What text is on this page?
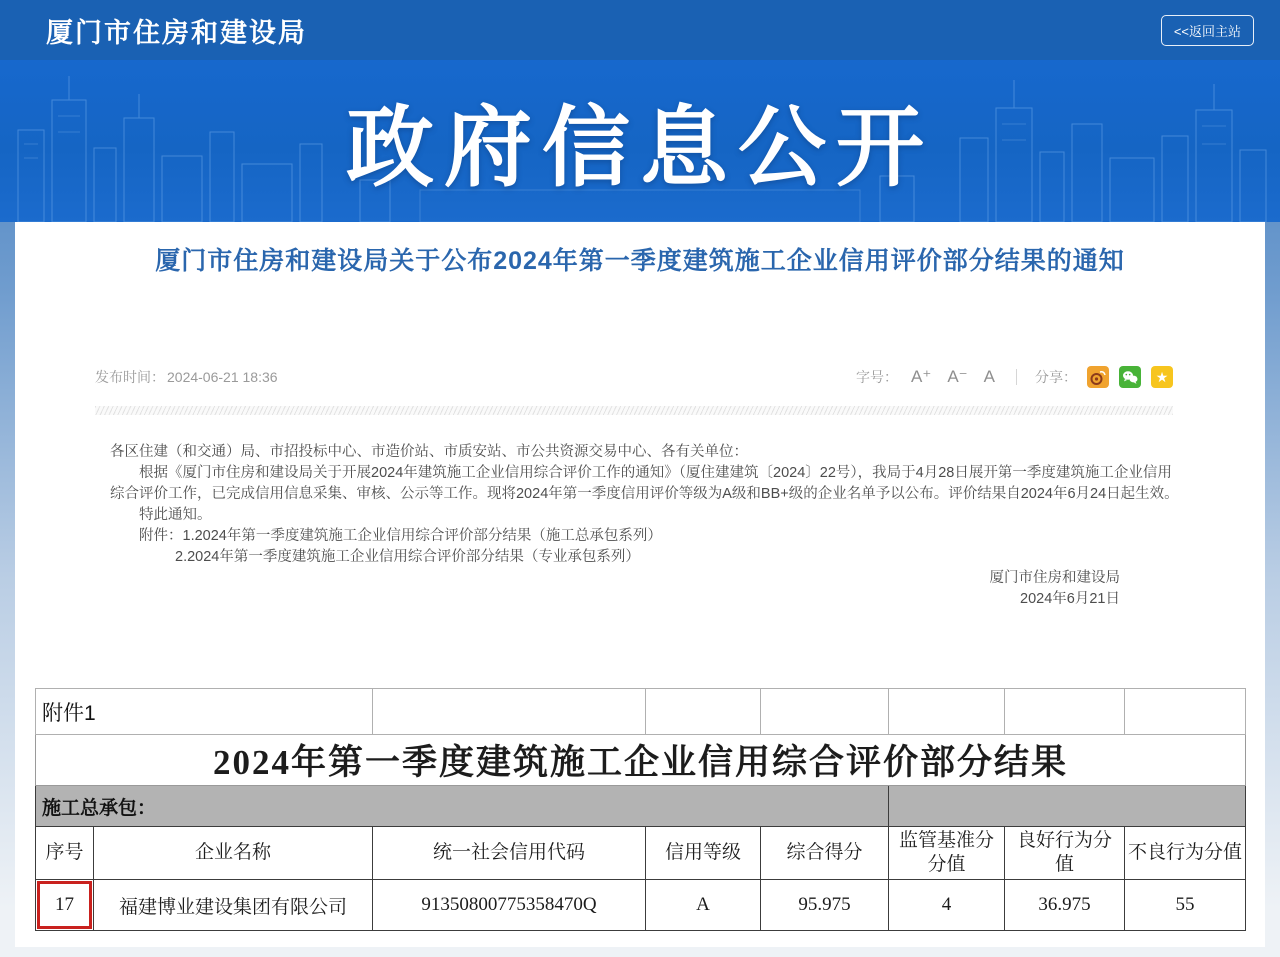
厦门市住房和建设局	<<返回主站
政府信息公开
厦门市住房和建设局关于公布2024年第一季度建筑施工企业信用评价部分结果的通知
发布时间： 2024-06-21 18:36	字号： A⁺ A⁻ A	分享：	★

各区住建（和交通）局、市招投标中心、市造价站、市质安站、市公共资源交易中心、各有关单位：

根据《厦门市住房和建设局关于开展2024年建筑施工企业信用综合评价工作的通知》（厦住建建筑〔2024〕22号），我局于4月28日展开第一季度建筑施工企业信用综合评价工作，已完成信用信息采集、审核、公示等工作。现将2024年第一季度信用评价等级为A级和BB+级的企业名单予以公布。评价结果自2024年6月24日起生效。

特此通知。

附件：1.2024年第一季度建筑施工企业信用综合评价部分结果（施工总承包系列）

2.2024年第一季度建筑施工企业信用综合评价部分结果（专业承包系列）

厦门市住房和建设局

2024年6月21日

附件1							
2024年第一季度建筑施工企业信用综合评价部分结果							
施工总承包：							
序号	企业名称	统一社会信用代码	信用等级	综合得分	监管基准分分值	良好行为分值	不良行为分值
17	福建博业建设集团有限公司	91350800775358470Q	A	95.975	4	36.975	55
